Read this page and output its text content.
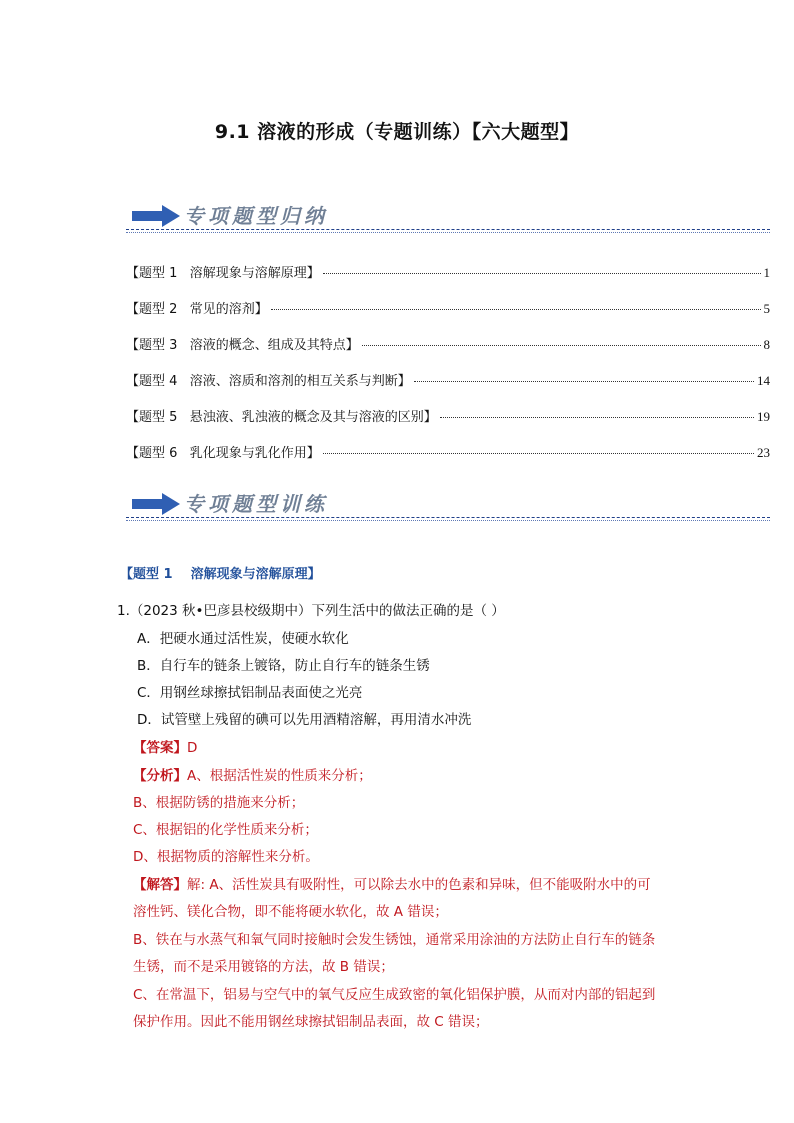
9.1 溶液的形成（专题训练）【六大题型】
专项题型归纳
【题型 1   溶解现象与溶解原理】	1
【题型 2   常见的溶剂】	5
【题型 3   溶液的概念、组成及其特点】	8
【题型 4   溶液、溶质和溶剂的相互关系与判断】	14
【题型 5   悬浊液、乳浊液的概念及其与溶液的区别】	19
【题型 6   乳化现象与乳化作用】	23
专项题型训练
【题型 1    溶解现象与溶解原理】
1.（2023 秋•巴彦县校级期中）下列生活中的做法正确的是（ ）
A．把硬水通过活性炭，使硬水软化
B．自行车的链条上镀铬，防止自行车的链条生锈
C．用钢丝球擦拭铝制品表面使之光亮
D．试管壁上残留的碘可以先用酒精溶解，再用清水冲洗
【答案】D
【分析】A、根据活性炭的性质来分析；
B、根据防锈的措施来分析；
C、根据铝的化学性质来分析；
D、根据物质的溶解性来分析。
【解答】解: A、活性炭具有吸附性，可以除去水中的色素和异味，但不能吸附水中的可
溶性钙、镁化合物，即不能将硬水软化，故 A 错误；
B、铁在与水蒸气和氧气同时接触时会发生锈蚀，通常采用涂油的方法防止自行车的链条
生锈，而不是采用镀铬的方法，故 B 错误；
C、在常温下，铝易与空气中的氧气反应生成致密的氧化铝保护膜，从而对内部的铝起到
保护作用。因此不能用钢丝球擦拭铝制品表面，故 C 错误；
